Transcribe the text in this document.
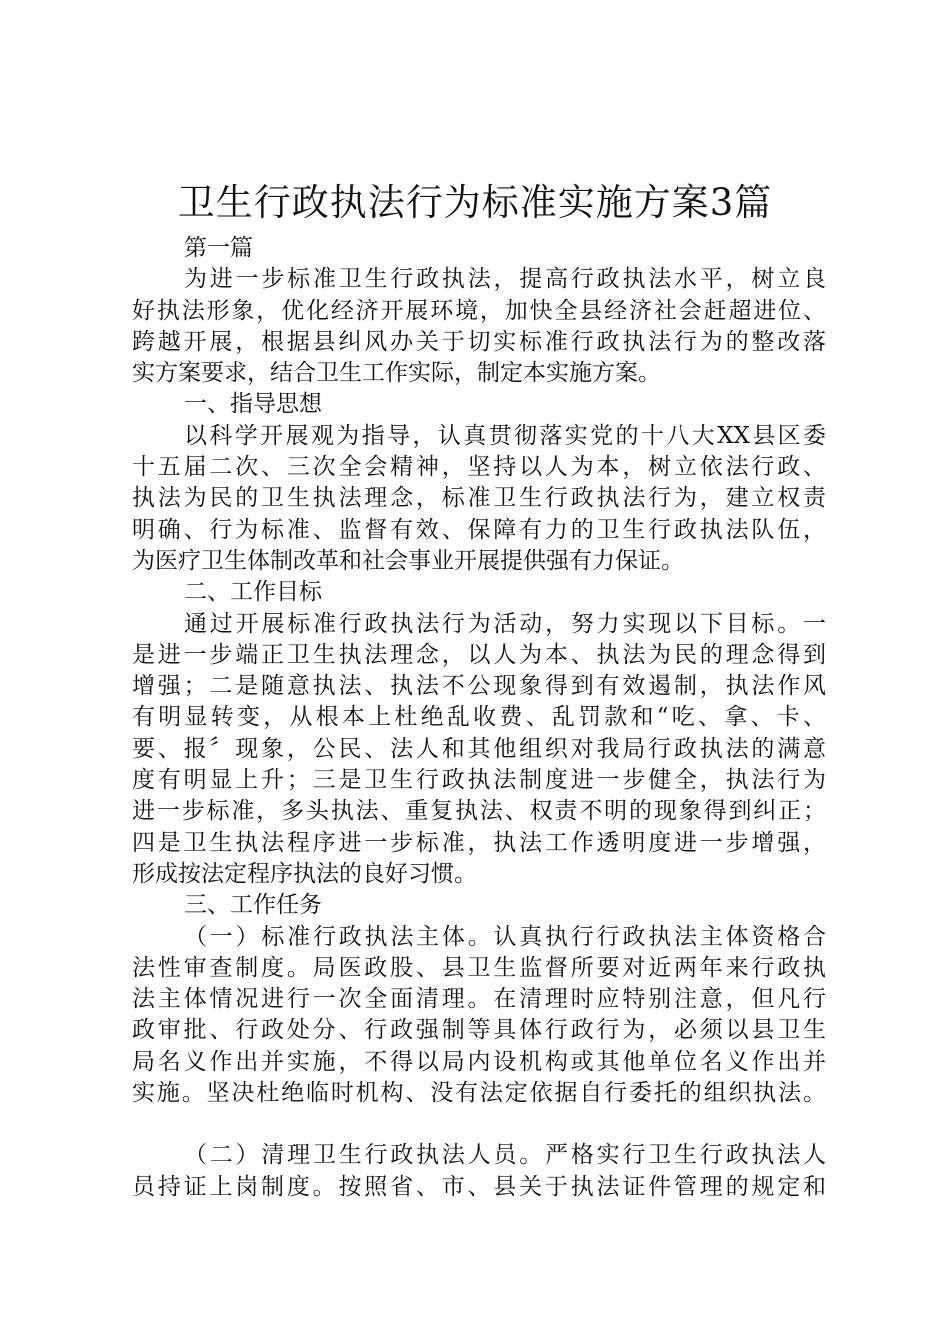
卫生行政执法行为标准实施方案3篇
第一篇
为进一步标准卫生行政执法，提高行政执法水平，树立良
好执法形象，优化经济开展环境，加快全县经济社会赶超进位、
跨越开展，根据县纠风办关于切实标准行政执法行为的整改落
实方案要求，结合卫生工作实际，制定本实施方案。
一、指导思想
以科学开展观为指导，认真贯彻落实党的十八大XX县区委
十五届二次、三次全会精神，坚持以人为本，树立依法行政、
执法为民的卫生执法理念，标准卫生行政执法行为，建立权责
明确、行为标准、监督有效、保障有力的卫生行政执法队伍，
为医疗卫生体制改革和社会事业开展提供强有力保证。
二、工作目标
通过开展标准行政执法行为活动，努力实现以下目标。一
是进一步端正卫生执法理念，以人为本、执法为民的理念得到
增强；二是随意执法、执法不公现象得到有效遏制，执法作风
有明显转变，从根本上杜绝乱收费、乱罚款和“吃、拿、卡、
要、报〞现象，公民、法人和其他组织对我局行政执法的满意
度有明显上升；三是卫生行政执法制度进一步健全，执法行为
进一步标准，多头执法、重复执法、权责不明的现象得到纠正；
四是卫生执法程序进一步标准，执法工作透明度进一步增强，
形成按法定程序执法的良好习惯。
三、工作任务
（一）标准行政执法主体。认真执行行政执法主体资格合
法性审查制度。局医政股、县卫生监督所要对近两年来行政执
法主体情况进行一次全面清理。在清理时应特别注意，但凡行
政审批、行政处分、行政强制等具体行政行为，必须以县卫生
局名义作出并实施，不得以局内设机构或其他单位名义作出并
实施。坚决杜绝临时机构、没有法定依据自行委托的组织执法。
（二）清理卫生行政执法人员。严格实行卫生行政执法人
员持证上岗制度。按照省、市、县关于执法证件管理的规定和
